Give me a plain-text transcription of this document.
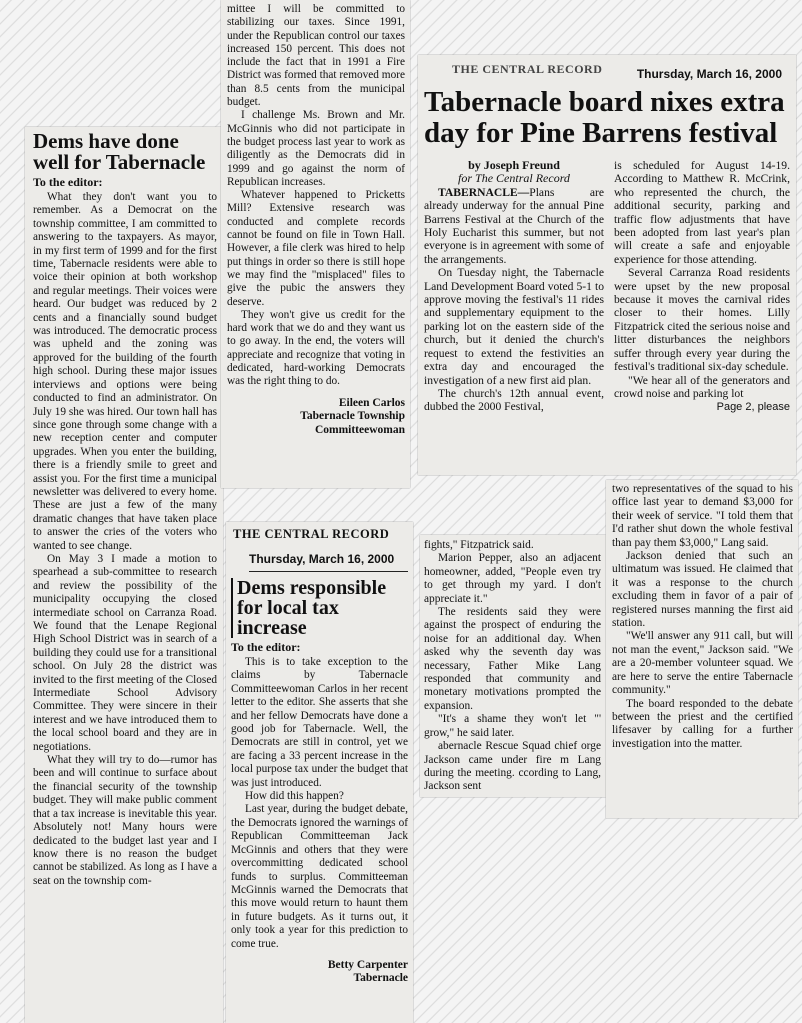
Dems have done
well for Tabernacle
To the editor:

What they don't want you to remember. As a Democrat on the township committee, I am committed to answering to the taxpayers. As mayor, in my first term of 1999 and for the first time, Tabernacle residents were able to voice their opinion at both workshop and regular meetings. Their voices were heard. Our budget was reduced by 2 cents and a financially sound budget was introduced. The democratic process was upheld and the zoning was approved for the building of the fourth high school. During these major issues interviews and options were being conducted to find an administrator. On July 19 she was hired. Our town hall has since gone through some change with a new reception center and computer upgrades. When you enter the building, there is a friendly smile to greet and assist you. For the first time a municipal newsletter was delivered to every home. These are just a few of the many dramatic changes that have taken place to answer the cries of the voters who wanted to see change.

On May 3 I made a motion to spearhead a sub-committee to research and review the possibility of the municipality occupying the closed intermediate school on Carranza Road. We found that the Lenape Regional High School District was in search of a building they could use for a transitional school. On July 28 the district was invited to the first meeting of the Closed Intermediate School Advisory Committee. They were sincere in their interest and we have introduced them to the local school board and they are in negotiations.

What they will try to do—rumor has been and will continue to surface about the financial security of the township budget. They will make public comment that a tax increase is inevitable this year. Absolutely not! Many hours were dedicated to the budget last year and I know there is no reason the budget cannot be stabilized. As long as I have a seat on the township com-

mittee I will be committed to stabilizing our taxes. Since 1991, under the Republican control our taxes increased 150 percent. This does not include the fact that in 1991 a Fire District was formed that removed more than 8.5 cents from the municipal budget.

I challenge Ms. Brown and Mr. McGinnis who did not participate in the budget process last year to work as diligently as the Democrats did in 1999 and go against the norm of Republican increases.

Whatever happened to Pricketts Mill? Extensive research was conducted and complete records cannot be found on file in Town Hall. However, a file clerk was hired to help put things in order so there is still hope we may find the "misplaced" files to give the pubic the answers they deserve.

They won't give us credit for the hard work that we do and they want us to go away. In the end, the voters will appreciate and recognize that voting in dedicated, hard-working Democrats was the right thing to do.

Eileen Carlos
Tabernacle Township
Committeewoman
THE CENTRAL RECORD
Thursday, March 16, 2000
Dems responsible
for local tax increase
To the editor:

This is to take exception to the claims by Tabernacle Committeewoman Carlos in her recent letter to the editor. She asserts that she and her fellow Democrats have done a good job for Tabernacle. Well, the Democrats are still in control, yet we are facing a 33 percent increase in the local purpose tax under the budget that was just introduced.

How did this happen?

Last year, during the budget debate, the Democrats ignored the warnings of Republican Committeeman Jack McGinnis and others that they were overcommitting dedicated school funds to surplus. Committeeman McGinnis warned the Democrats that this move would return to haunt them in future budgets. As it turns out, it only took a year for this prediction to come true.

Betty Carpenter
Tabernacle
THE CENTRAL RECORD	Thursday, March 16, 2000
Tabernacle board nixes extra
day for Pine Barrens festival
by Joseph Freund
for The Central Record

TABERNACLE—Plans are already underway for the annual Pine Barrens Festival at the Church of the Holy Eucharist this summer, but not everyone is in agreement with some of the arrangements.

On Tuesday night, the Tabernacle Land Development Board voted 5-1 to approve moving the festival's 11 rides and supplementary equipment to the parking lot on the eastern side of the church, but it denied the church's request to extend the festivities an extra day and encouraged the investigation of a new first aid plan.

The church's 12th annual event, dubbed the 2000 Festival,

is scheduled for August 14-19. According to Matthew R. McCrink, who represented the church, the additional security, parking and traffic flow adjustments that have been adopted from last year's plan will create a safe and enjoyable experience for those attending.

Several Carranza Road residents were upset by the new proposal because it moves the carnival rides closer to their homes. Lilly Fitzpatrick cited the serious noise and litter disturbances the neighbors suffer through every year during the festival's traditional six-day schedule.

"We hear all of the generators and crowd noise and parking lot

Page 2, please

fights," Fitzpatrick said.

Marion Pepper, also an adjacent homeowner, added, "People even try to get through my yard. I don't appreciate it."

The residents said they were against the prospect of enduring the noise for an additional day. When asked why the seventh day was necessary, Father Mike Lang responded that community and monetary motivations prompted the expansion.

"It's a shame they won't let "' grow," he said later.

abernacle Rescue Squad chief orge Jackson came under fire m Lang during the meeting. ccording to Lang, Jackson sent

two representatives of the squad to his office last year to demand $3,000 for their week of service. "I told them that I'd rather shut down the whole festival than pay them $3,000," Lang said.

Jackson denied that such an ultimatum was issued. He claimed that it was a response to the church excluding them in favor of a pair of registered nurses manning the first aid station.

"We'll answer any 911 call, but will not man the event," Jackson said. "We are a 20-member volunteer squad. We are here to serve the entire Tabernacle community."

The board responded to the debate between the priest and the certified lifesaver by calling for a further investigation into the matter.
